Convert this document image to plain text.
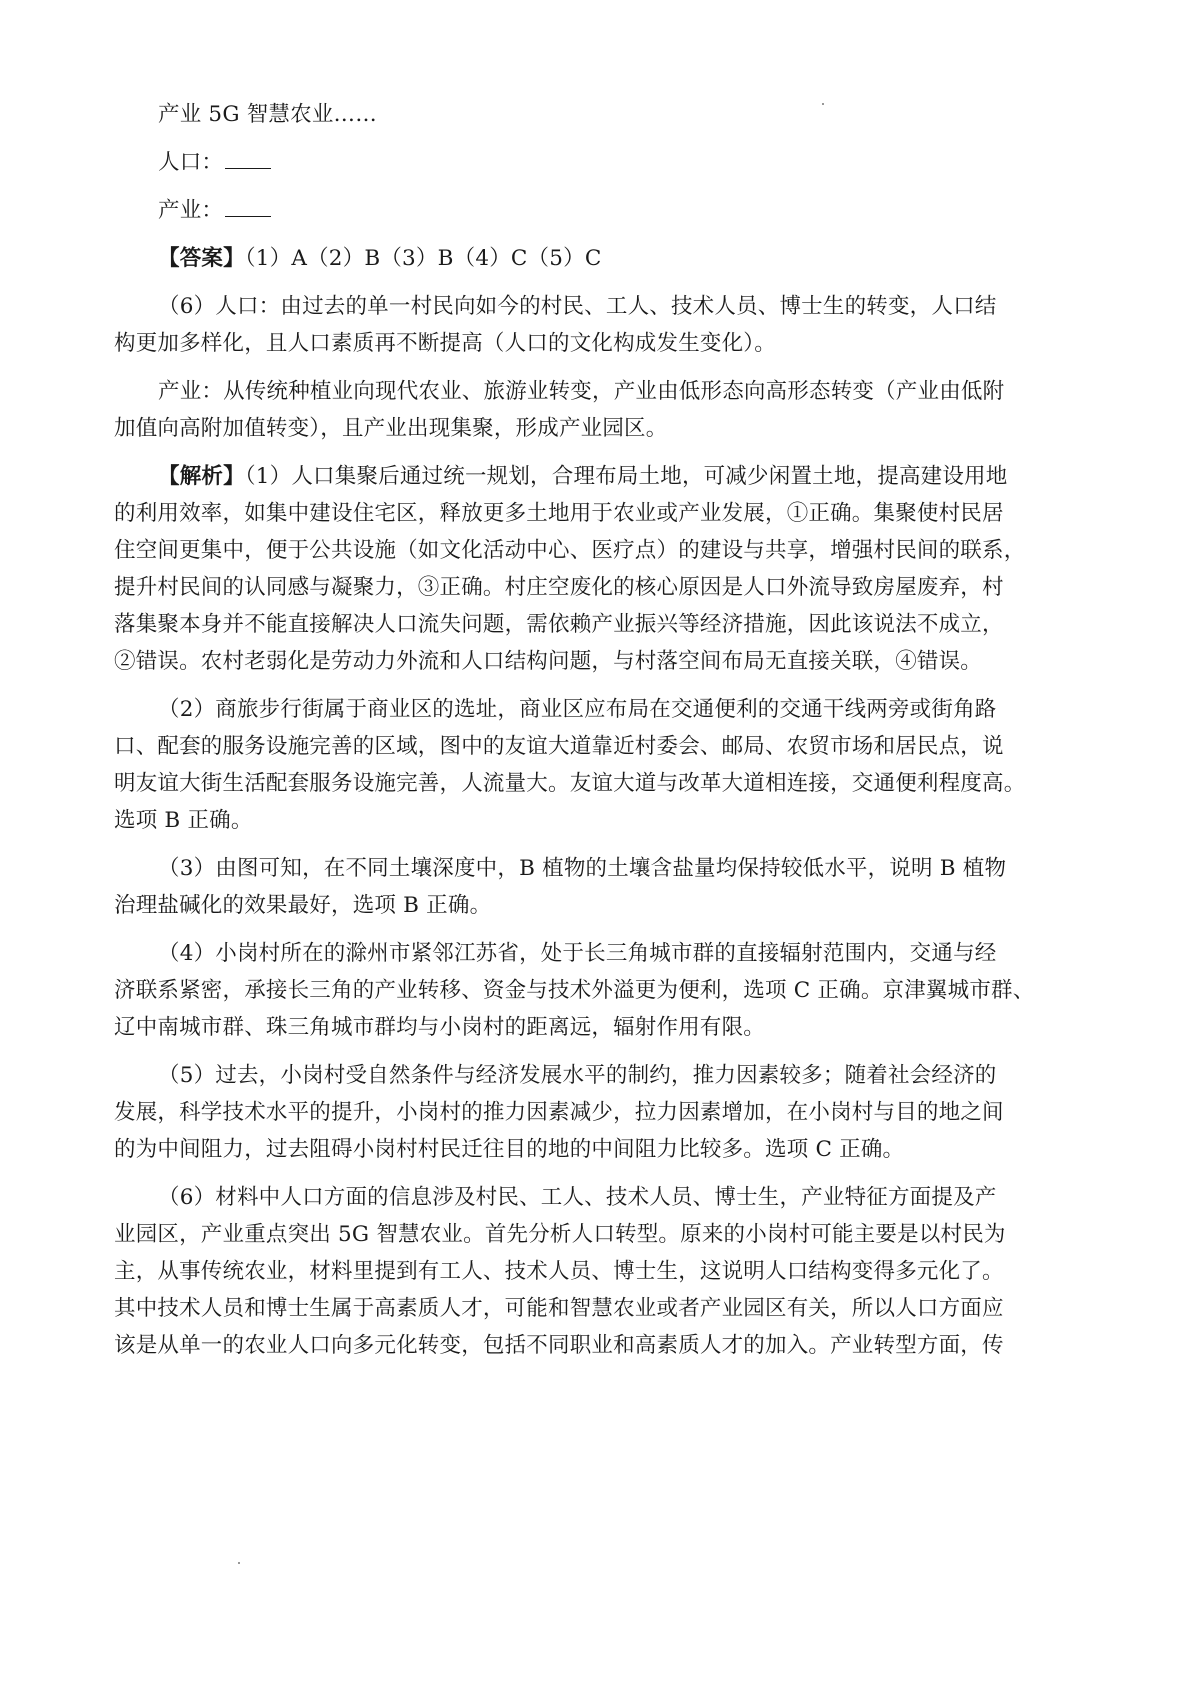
产业 5G 智慧农业……
人口：
产业：
【答案】（1）A（2）B（3）B（4）C（5）C
（6）人口：由过去的单一村民向如今的村民、工人、技术人员、博士生的转变，人口结
构更加多样化，且人口素质再不断提高（人口的文化构成发生变化）。
产业：从传统种植业向现代农业、旅游业转变，产业由低形态向高形态转变（产业由低附
加值向高附加值转变），且产业出现集聚，形成产业园区。
【解析】（1）人口集聚后通过统一规划，合理布局土地，可减少闲置土地，提高建设用地
的利用效率，如集中建设住宅区，释放更多土地用于农业或产业发展，①正确。集聚使村民居
住空间更集中，便于公共设施（如文化活动中心、医疗点）的建设与共享，增强村民间的联系，
提升村民间的认同感与凝聚力，③正确。村庄空废化的核心原因是人口外流导致房屋废弃，村
落集聚本身并不能直接解决人口流失问题，需依赖产业振兴等经济措施，因此该说法不成立，
②错误。农村老弱化是劳动力外流和人口结构问题，与村落空间布局无直接关联，④错误。
（2）商旅步行街属于商业区的选址，商业区应布局在交通便利的交通干线两旁或街角路
口、配套的服务设施完善的区域，图中的友谊大道靠近村委会、邮局、农贸市场和居民点，说
明友谊大街生活配套服务设施完善，人流量大。友谊大道与改革大道相连接，交通便利程度高。
选项 B 正确。
（3）由图可知，在不同土壤深度中，B 植物的土壤含盐量均保持较低水平，说明 B 植物
治理盐碱化的效果最好，选项 B 正确。
（4）小岗村所在的滁州市紧邻江苏省，处于长三角城市群的直接辐射范围内，交通与经
济联系紧密，承接长三角的产业转移、资金与技术外溢更为便利，选项 C 正确。京津翼城市群、
辽中南城市群、珠三角城市群均与小岗村的距离远，辐射作用有限。
（5）过去，小岗村受自然条件与经济发展水平的制约，推力因素较多；随着社会经济的
发展，科学技术水平的提升，小岗村的推力因素减少，拉力因素增加，在小岗村与目的地之间
的为中间阻力，过去阻碍小岗村村民迁往目的地的中间阻力比较多。选项 C 正确。
（6）材料中人口方面的信息涉及村民、工人、技术人员、博士生，产业特征方面提及产
业园区，产业重点突出 5G 智慧农业。首先分析人口转型。原来的小岗村可能主要是以村民为
主，从事传统农业，材料里提到有工人、技术人员、博士生，这说明人口结构变得多元化了。
其中技术人员和博士生属于高素质人才，可能和智慧农业或者产业园区有关，所以人口方面应
该是从单一的农业人口向多元化转变，包括不同职业和高素质人才的加入。产业转型方面，传
